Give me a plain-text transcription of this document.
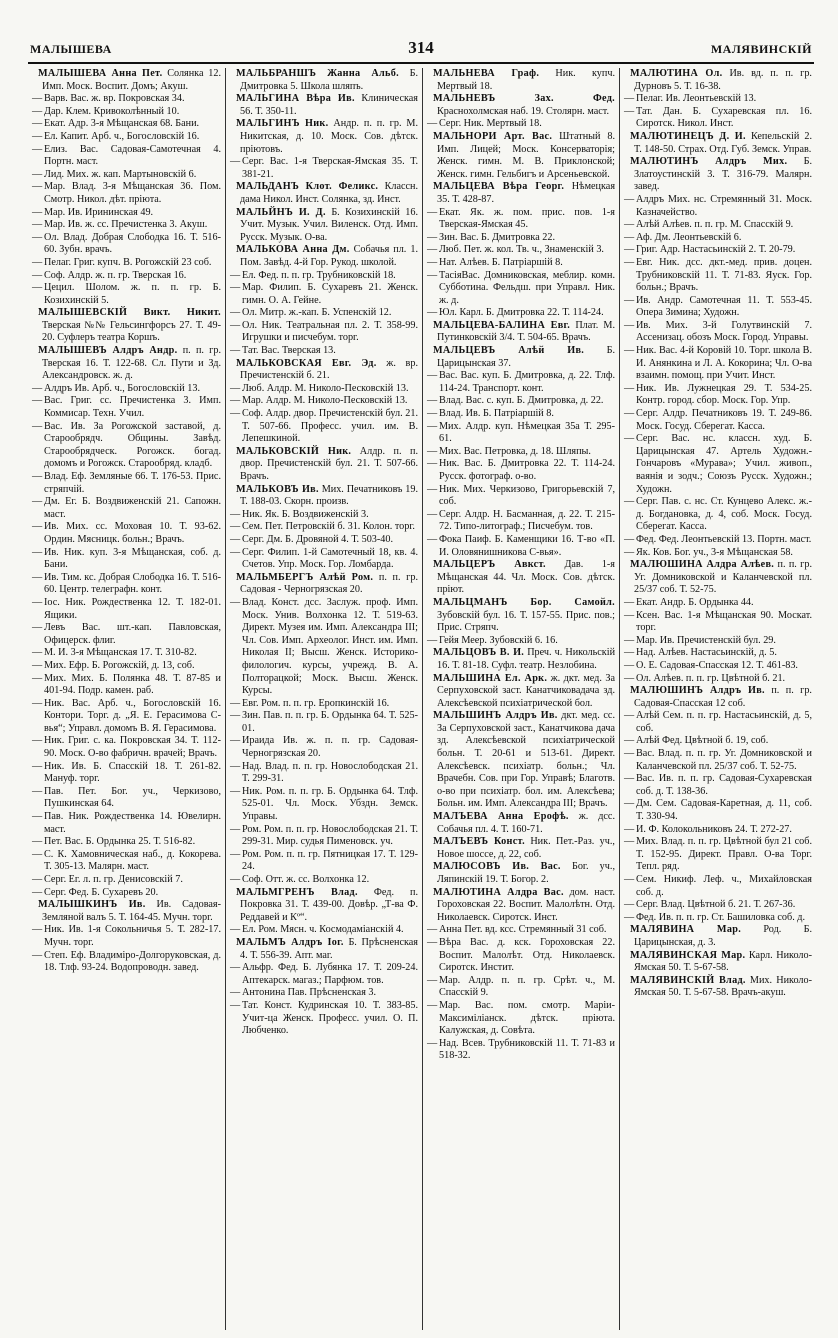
МАЛЫШЕВА	314	МАЛЯВИНСКІЙ

МАЛЫШЕВА Анна Пет. Солянка 12. Имп. Моск. Воспит. Домъ; Акуш.

— Варв. Вас. ж. вр. Покровская 34.

— Дар. Клем. Кривоколѣнный 10.

— Екат. Адр. 3-я Мѣщанская 68. Бани.

— Ел. Капит. Арб. ч., Богословскій 16.

— Елиз. Вас. Садовая-Самотечная 4. Портн. маст.

— Лид. Мих. ж. кап. Мартыновскій 6.

— Мар. Влад. 3-я Мѣщанская 36. Пом. Смотр. Никол. дѣт. пріюта.

— Мар. Ив. Ирининская 49.

— Мар. Ив. ж. сс. Пречистенка 3. Акуш.

— Ол. Влад. Добрая Слободка 16. Т. 516-60. Зубн. врачъ.

— Пелаг. Григ. купч. В. Рогожскій 23 соб.

— Соф. Алдр. ж. п. гр. Тверская 16.

— Цецил. Шолом. ж. п. п. гр. Б. Козихинскій 5.

МАЛЫШЕВСКІЙ Викт. Никит. Тверская №№ Гельсингфорсъ 27. Т. 49-20. Суфлеръ театра Коршъ.

МАЛЫШЕВЪ Алдръ Андр. п. п. гр. Тверская 16. Т. 122-68. Сл. Пути и Зд. Александровск. ж. д.

— Алдръ Ив. Арб. ч., Богословскій 13.

— Вас. Григ. сс. Пречистенка 3. Имп. Коммисар. Техн. Учил.

— Вас. Ив. За Рогожской заставой, д. Старообрядч. Общины. Завѣд. Старообрядческ. Рогожск. богад. домомъ и Рогожск. Старообряд. кладб.

— Влад. Еф. Земляные 66. Т. 176-53. Прис. стряпчій.

— Дм. Ег. Б. Воздвиженскій 21. Сапожн. маст.

— Ив. Мих. сс. Моховая 10. Т. 93-62. Ордин. Мясницк. больн.; Врачъ.

— Ив. Ник. куп. 3-я Мѣщанская, соб. д. Бани.

— Ив. Тим. кс. Добрая Слободка 16. Т. 516-60. Центр. телеграфн. конт.

— Іос. Ник. Рождественка 12. Т. 182-01. Ящики.

— Левъ Вас. шт.-кап. Павловская, Офицерск. флиг.

— М. И. 3-я Мѣщанская 17. Т. 310-82.

— Мих. Ефр. Б. Рогожскій, д. 13, соб.

— Мих. Мих. Б. Полянка 48. Т. 87-85 и 401-94. Подр. камен. раб.

— Ник. Вас. Арб. ч., Богословскій 16. Контори. Торг. д. „Я. Е. Герасимова С-вья“; Управл. домомъ В. Я. Герасимова.

— Ник. Григ. с. ка. Покровская 34. Т. 112-90. Моск. О-во фабричн. врачей; Врачъ.

— Ник. Ив. Б. Спасскій 18. Т. 261-82. Мануф. торг.

— Пав. Пет. Бог. уч., Черкизово, Пушкинская 64.

— Пав. Ник. Рождественка 14. Ювелирн. маст.

— Пет. Вас. Б. Ордынка 25. Т. 516-82.

— С. К. Хамовническая наб., д. Кокорева. Т. 305-13. Малярн. маст.

— Серг. Ег. л. п. гр. Денисовскій 7.

— Серг. Фед. Б. Сухаревъ 20.

МАЛЫШКИНЪ Ив. Ив. Садовая-Земляной валъ 5. Т. 164-45. Мучн. торг.

— Ник. Ив. 1-я Сокольничья 5. Т. 282-17. Мучн. торг.

— Степ. Еф. Владиміро-Долгоруковская, д. 18. Тлф. 93-24. Водопроводн. завед.

МАЛЬБРАНШЪ Жанна Альб. Б. Дмитровка 5. Школа шляпъ.

МАЛЬГИНА Вѣра Ив. Клиническая 56. Т. 350-11.

МАЛЬГИНЪ Ник. Андр. п. п. гр. М. Никитская, д. 10. Моск. Сов. дѣтск. пріютовъ.

— Серг. Вас. 1-я Тверская-Ямская 35. Т. 381-21.

МАЛЬДАНЪ Клот. Феликс. Классн. дама Никол. Инст. Солянка, зд. Инст.

МАЛЬЙНЪ И. Д. Б. Козихинскій 16. Учит. Музык. Учил. Виленск. Отд. Имп. Русск. Музык. О-ва.

МАЛЬКОВА Анна Дм. Собачья пл. 1. Пом. Завѣд. 4-й Гор. Рукод. школой.

— Ел. Фед. п. п. гр. Трубниковскій 18.

— Мар. Филип. Б. Сухаревъ 21. Женск. гимн. О. А. Гейне.

— Ол. Митр. ж.-кап. Б. Успенскій 12.

— Ол. Ник. Театральная пл. 2. Т. 358-99. Игрушки и писчебум. торг.

— Тат. Вас. Тверская 13.

МАЛЬКОВСКАЯ Евг. Эд. ж. вр. Пречистенскій б. 21.

— Люб. Алдр. М. Николо-Песковскій 13.

— Мар. Алдр. М. Николо-Песковскій 13.

— Соф. Алдр. двор. Пречистенскій бул. 21. Т. 507-66. Професс. учил. им. В. Лепешкиной.

МАЛЬКОВСКІЙ Ник. Алдр. п. п. двор. Пречистенскій бул. 21. Т. 507-66. Врачъ.

МАЛЬКОВЪ Ив. Мих. Печатниковъ 19. Т. 188-03. Скорн. произв.

— Ник. Як. Б. Воздвиженскій 3.

— Сем. Пет. Петровскій б. 31. Колон. торг.

— Серг. Дм. Б. Дровяной 4. Т. 503-40.

— Серг. Филип. 1-й Самотечный 18, кв. 4. Счетов. Упр. Моск. Гор. Ломбарда.

МАЛЬМБЕРГЪ Алѣй Ром. п. п. гр. Садовая - Черногрязская 20.

— Влад. Конст. дсс. Заслуж. проф. Имп. Моск. Унив. Волхонка 12. Т. 519-63. Директ. Музея им. Имп. Александра III; Чл. Сов. Имп. Археолог. Инст. им. Имп. Николая II; Высш. Женск. Историко-филологич. курсы, учрежд. В. А. Полторацкой; Моск. Высш. Женск. Курсы.

— Евг. Ром. п. п. гр. Еропкинскій 16.

— Зин. Пав. п. п. гр. Б. Ордынка 64. Т. 525-01.

— Ираида Ив. ж. п. п. гр. Садовая-Черногрязская 20.

— Над. Влад. п. п. гр. Новослободская 21. Т. 299-31.

— Ник. Ром. п. п. гр. Б. Ордынка 64. Тлф. 525-01. Чл. Моск. Убздн. Земск. Управы.

— Ром. Ром. п. п. гр. Новослободская 21. Т. 299-31. Мир. судья Пименовск. уч.

— Ром. Ром. п. п. гр. Пятницкая 17. Т. 129-24.

— Соф. Отт. ж. сс. Волхонка 12.

МАЛЬМГРЕНЪ Влад. Фед. п. Покровка 31. Т. 439-00. Довѣр. „Т-ва Ф. Реддавей и Кº“.

— Ел. Ром. Мясн. ч. Космодаміанскій 4.

МАЛЬМЪ Алдръ Іог. Б. Прѣсненская 4. Т. 556-39. Апт. маг.

— Альфр. Фед. Б. Лубянка 17. Т. 209-24. Аптекарск. магаз.; Парфюм. тов.

— Антонина Пав. Прѣсненская 3.

— Тат. Конст. Кудринская 10. Т. 383-85. Учит-ца Женск. Професс. учил. О. П. Любченко.

МАЛЬНЕВА Граф. Ник. купч. Мертвый 18.

МАЛЬНЕВЪ Зах. Фед. Краснохолмская наб. 19. Столярн. маст.

— Серг. Ник. Мертвый 18.

МАЛЬНОРИ Арт. Вас. Штатный 8. Имп. Лицей; Моск. Консерваторія; Женск. гимн. М. В. Приклонской; Женск. гимн. Гельбигъ и Арсеньевской.

МАЛЬЦЕВА Вѣра Георг. Нѣмецкая 35. Т. 428-87.

— Екат. Як. ж. пом. прис. пов. 1-я Тверская-Ямская 45.

— Зин. Вас. Б. Дмитровка 22.

— Люб. Пет. ж. кол. Тв. ч., Знаменскій 3.

— Нат. Алѣев. Б. Патріаршій 8.

— ТасіяВас. Домниковская, меблир. комн. Субботина. Фельдш. при Управл. Ник. ж. д.

— Юл. Карл. Б. Дмитровка 22. Т. 114-24.

МАЛЬЦЕВА-БАЛИНА Евг. Плат. М. Путинковскій 3/4. Т. 504-65. Врачъ.

МАЛЬЦЕВЪ Алѣй Ив. Б. Царицынская 37.

— Вас. Вас. куп. Б. Дмитровка, д. 22. Тлф. 114-24. Транспорт. конт.

— Влад. Вас. с. куп. Б. Дмитровка, д. 22.

— Влад. Ив. Б. Патріаршій 8.

— Мих. Алдр. куп. Нѣмецкая 35а Т. 295-61.

— Мих. Вас. Петровка, д. 18. Шляпы.

— Ник. Вас. Б. Дмитровка 22. Т. 114-24. Русск. фотограф. о-во.

— Ник. Мих. Черкизово, Григорьевскій 7, соб.

— Серг. Алдр. Н. Басманная, д. 22. Т. 215-72. Типо-литограф.; Писчебум. тов.

— Фока Паиф. Б. Каменщики 16. Т-во «П. И. Оловянишникова С-вья».

МАЛЬЦЕРЪ Авкст. Дав. 1-я Мѣщанская 44. Чл. Моск. Сов. дѣтск. пріют.

МАЛЬЦМАНЪ Бор. Самойл. Зубовскій бул. 16. Т. 157-55. Прис. пов.; Прис. Стряпч.

— Гейя Меер. Зубовскій 6. 16.

МАЛЬЦОВЪ В. И. Преч. ч. Никольскій 16. Т. 81-18. Суфл. театр. Незлобина.

МАЛЬШИНА Ел. Арк. ж. дкт. мед. За Серпуховской заст. Канатчиковадача зд. Алексѣевской психіатрической бол.

МАЛЬШИНЪ Алдръ Ив. дкт. мед. сс. За Серпуховской заст., Канатчикова дача зд. Алексѣевской психіатрической больн. Т. 20-61 и 513-61. Директ. Алексѣевск. психіатр. больн.; Чл. Врачебн. Сов. при Гор. Управѣ; Благотв. о-во при психіатр. бол. им. Алексѣева; Больн. им. Имп. Александра III; Врачъ.

МАЛЪЕВА Анна Ерофѣ. ж. дсс. Собачья пл. 4. Т. 160-71.

МАЛЪЕВЪ Конст. Ник. Пет.-Раз. уч., Новое шоссе, д. 22, соб.

МАЛЮСОВЪ Ив. Вас. Бог. уч., Ляпинскій 19. Т. Богор. 2.

МАЛЮТИНА Алдра Вас. дом. наст. Гороховская 22. Воспит. Малолѣтн. Отд. Николаевск. Сиротск. Инст.

— Анна Пет. вд. ксс. Стремянный 31 соб.

— Вѣра Вас. д. кск. Гороховская 22. Воспит. Малолѣт. Отд. Николаевск. Сиротск. Инстит.

— Мар. Алдр. п. п. гр. Срѣт. ч., М. Спасскій 9.

— Мар. Вас. пом. смотр. Маріи-Максиміліанск. дѣтск. пріюта. Калужская, д. Совѣта.

— Над. Всев. Трубниковскій 11. Т. 71-83 и 518-32.

МАЛЮТИНА Ол. Ив. вд. п. п. гр. Дурновъ 5. Т. 16-38.

— Пелаг. Ив. Леонтьевскій 13.

— Тат. Дан. Б. Сухаревская пл. 16. Сиротск. Никол. Инст.

МАЛЮТИНЕЦЪ Д. И. Кепельскій 2. Т. 148-50. Страх. Отд. Губ. Земск. Управ.

МАЛЮТИНЪ Алдръ Мих. Б. Златоустинскій 3. Т. 316-79. Малярн. завед.

— Алдръ Мих. нс. Стремянный 31. Моск. Казначейство.

— Алѣй Алѣев. п. п. гр. М. Спасскій 9.

— Аф. Дм. Леонтьевскій 6.

— Григ. Адр. Настасьинскій 2. Т. 20-79.

— Евг. Ник. дсс. дкт.-мед. прив. доцен. Трубниковскій 11. Т. 71-83. Яуск. Гор. больн.; Врачъ.

— Ив. Андр. Самотечная 11. Т. 553-45. Опера Зимина; Художн.

— Ив. Мих. 3-й Голутвинскій 7. Ассенизац. обозъ Моск. Город. Управы.

— Ник. Вас. 4-й Коровій 10. Торг. школа В. И. Анянкина и Л. А. Кокорина; Чл. О-ва взаимн. помощ. при Учит. Инст.

— Ник. Ив. Лужнецкая 29. Т. 534-25. Контр. город. сбор. Моск. Гор. Упр.

— Серг. Алдр. Печатниковъ 19. Т. 249-86. Моск. Госуд. Сберегат. Касса.

— Серг. Вас. нс. классн. худ. Б. Царицынская 47. Артель Художн.-Гончаровъ «Мурава»; Учил. живоп., ваянія и зодч.; Союзъ Русск. Художн.; Художн.

— Серг. Пав. с. нс. Ст. Кунцево Алекс. ж.-д. Богдановка, д. 4, соб. Моск. Госуд. Сберегат. Касса.

— Фед. Фед. Леонтьевскій 13. Портн. маст.

— Як. Ков. Бог. уч., 3-я Мѣщанская 58.

МАЛЮШИНА Алдра Алѣев. п. п. гр. Уг. Домниковской и Каланчевской пл. 25/37 соб. Т. 52-75.

— Екат. Андр. Б. Ордынка 44.

— Ксен. Вас. 1-я Мѣщанская 90. Москат. торг.

— Мар. Ив. Пречистенскій бул. 29.

— Над. Алѣев. Настасьинскій, д. 5.

— О. Е. Садовая-Спасская 12. Т. 461-83.

— Ол. Алѣев. п. п. гр. Цвѣтной б. 21.

МАЛЮШИНЪ Алдръ Ив. п. п. гр. Садовая-Спасская 12 соб.

— Алѣй Сем. п. п. гр. Настасьинскій, д. 5, соб.

— Алѣй Фед. Цвѣтной б. 19, соб.

— Вас. Влад. п. п. гр. Уг. Домниковской и Каланчевской пл. 25/37 соб. Т. 52-75.

— Вас. Ив. п. п. гр. Садовая-Сухаревская соб. д. Т. 138-36.

— Дм. Сем. Садовая-Каретная, д. 11, соб. Т. 330-94.

— И. Ф. Колокольниковъ 24. Т. 272-27.

— Мих. Влад. п. п. гр. Цвѣтной бул 21 соб. Т. 152-95. Директ. Правл. О-ва Торг. Тепл. ряд.

— Сем. Никиф. Леф. ч., Михайловская соб. д.

— Серг. Влад. Цвѣтной б. 21. Т. 267-36.

— Фед. Ив. п. п. гр. Ст. Башиловка соб. д.

МАЛЯВИНА Мар. Род. Б. Царицынская, д. 3.

МАЛЯВИНСКАЯ Мар. Карл. Николо-Ямская 50. Т. 5-67-58.

МАЛЯВИНСКІЙ Влад. Мих. Николо-Ямская 50. Т. 5-67-58. Врачъ-акуш.
